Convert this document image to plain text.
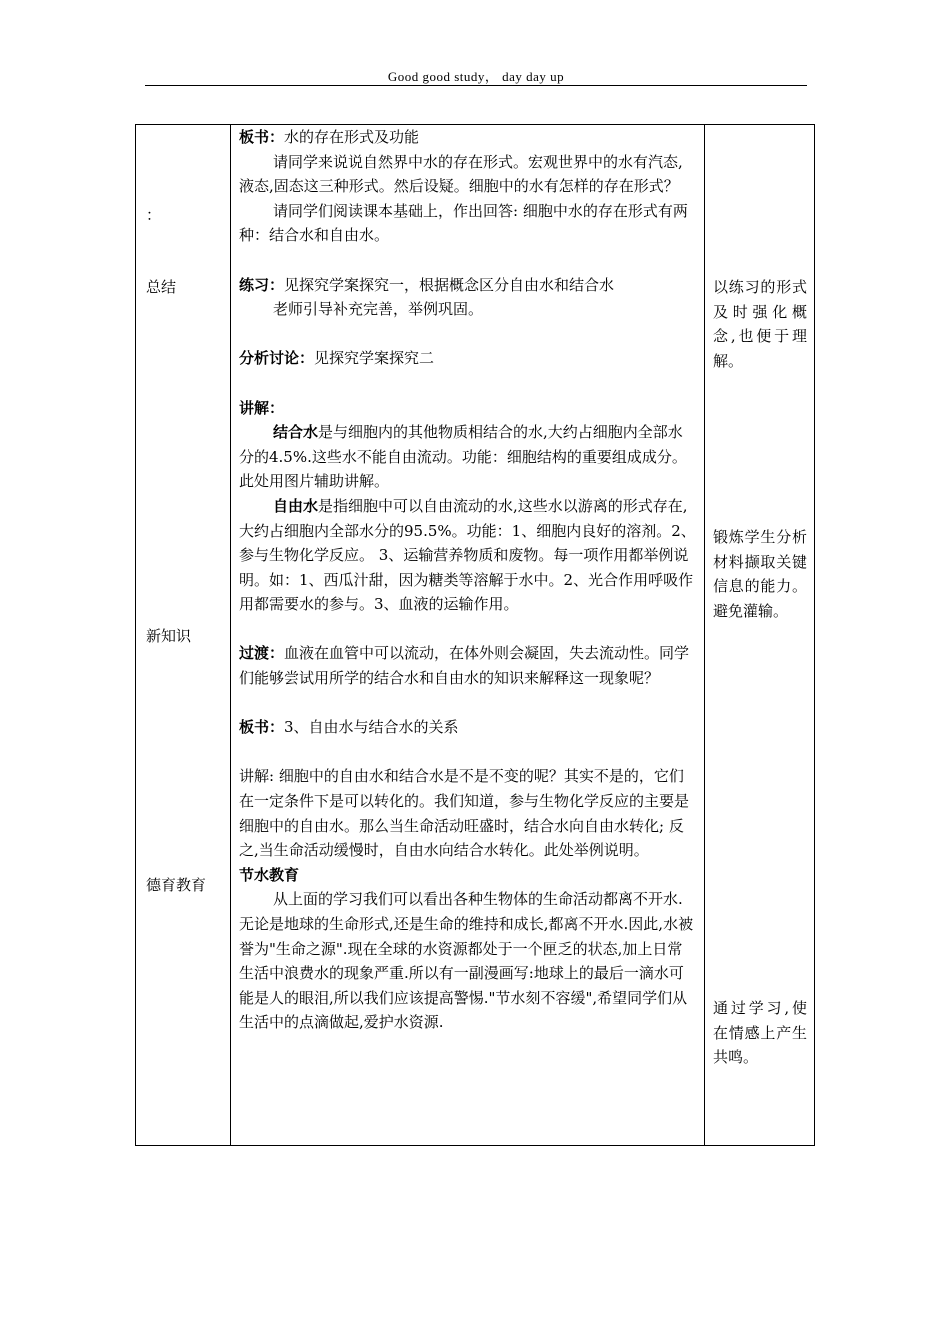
Good good study， day day up
：
总结
新知识
德育教育

板书：水的存在形式及功能

请同学来说说自然界中水的存在形式。宏观世界中的水有汽态,液态,固态这三种形式。然后设疑。细胞中的水有怎样的存在形式？

请同学们阅读课本基础上，作出回答: 细胞中水的存在形式有两种：结合水和自由水。

练习：见探究学案探究一，根据概念区分自由水和结合水

老师引导补充完善，举例巩固。

分析讨论：见探究学案探究二

讲解：

结合水是与细胞内的其他物质相结合的水,大约占细胞内全部水分的4.5%.这些水不能自由流动。功能：细胞结构的重要组成成分。此处用图片辅助讲解。

自由水是指细胞中可以自由流动的水,这些水以游离的形式存在,大约占细胞内全部水分的95.5%。功能：1、细胞内良好的溶剂。2、参与生物化学反应。 3、运输营养物质和废物。每一项作用都举例说明。如：1、西瓜汁甜，因为糖类等溶解于水中。2、光合作用呼吸作用都需要水的参与。3、血液的运输作用。

过渡：血液在血管中可以流动，在体外则会凝固，失去流动性。同学们能够尝试用所学的结合水和自由水的知识来解释这一现象呢？

板书：3、自由水与结合水的关系

讲解: 细胞中的自由水和结合水是不是不变的呢？其实不是的，它们在一定条件下是可以转化的。我们知道，参与生物化学反应的主要是细胞中的自由水。那么当生命活动旺盛时，结合水向自由水转化; 反之,当生命活动缓慢时，自由水向结合水转化。此处举例说明。

节水教育

从上面的学习我们可以看出各种生物体的生命活动都离不开水.无论是地球的生命形式,还是生命的维持和成长,都离不开水.因此,水被誉为"生命之源".现在全球的水资源都处于一个匣乏的状态,加上日常生活中浪费水的现象严重.所以有一副漫画写:地球上的最后一滴水可能是人的眼泪,所以我们应该提高警惕."节水刻不容缓",希望同学们从生活中的点滴做起,爱护水资源.

以练习的形式及时强化概念,也便于理解。
锻炼学生分析材料撷取关键信息的能力。避免灌输。
通过学习,使在情感上产生共鸣。
